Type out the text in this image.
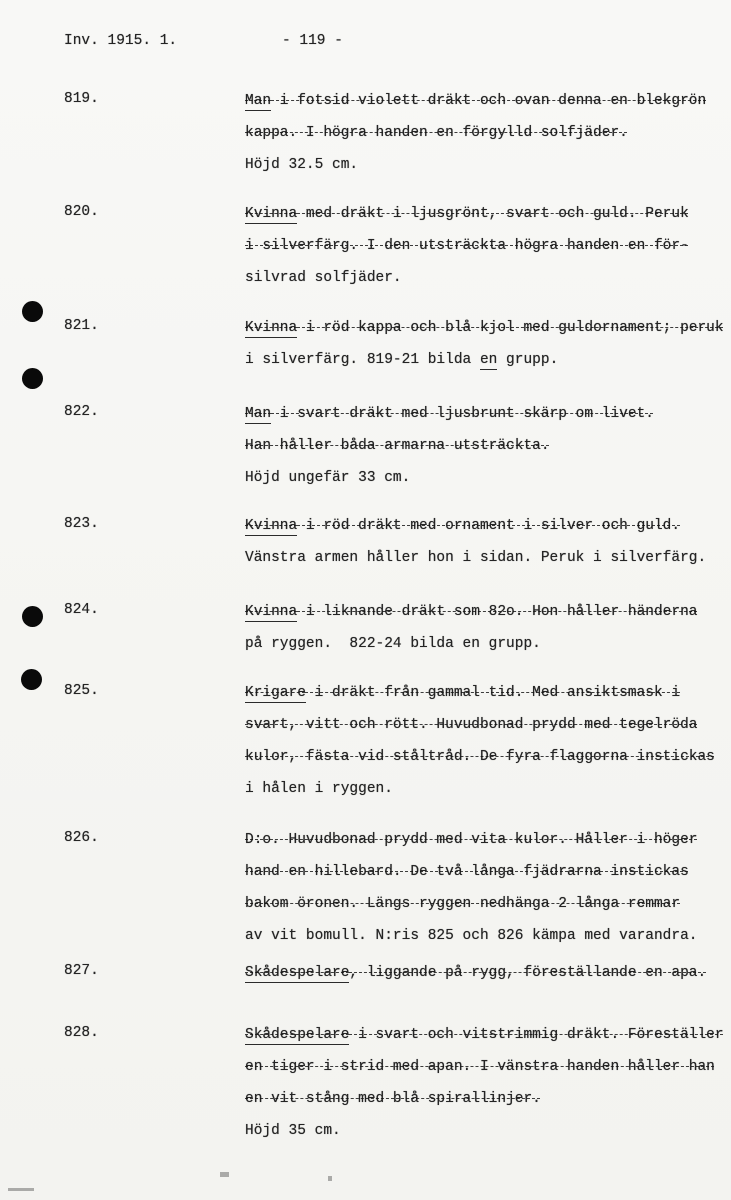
Inv. 1915. 1.	- 119 -
819.	Man i fotsid violett dräkt och ovan denna en blekgrön
kappa. I högra handen en förgylld solfjäder.
Höjd 32.5 cm.
820.	Kvinna med dräkt i ljusgrönt, svart och guld. Peruk
i silverfärg. I den utsträckta högra handen en för-
silvrad solfjäder.
821.	Kvinna i röd kappa och blå kjol med guldornament; peruk
i silverfärg. 819-21 bilda en grupp.
822.	Man i svart dräkt med ljusbrunt skärp om livet.
Han håller båda armarna utsträckta.
Höjd ungefär 33 cm.
823.	Kvinna i röd dräkt med ornament i silver och guld.
Vänstra armen håller hon i sidan. Peruk i silverfärg.
824.	Kvinna i liknande dräkt som 82o. Hon håller händerna
på ryggen.  822-24 bilda en grupp.
825.	Krigare i dräkt från gammal tid. Med ansiktsmask i
svart, vitt och rött. Huvudbonad prydd med tegelröda
kulor, fästa vid ståltråd. De fyra flaggorna instickas
i hålen i ryggen.
826.	D:o. Huvudbonad prydd med vita kulor. Håller i höger
hand en hillebard. De två långa fjädrarna instickas
bakom öronen. Längs ryggen nedhänga 2 långa remmar
av vit bomull. N:ris 825 och 826 kämpa med varandra.
827.	Skådespelare, liggande på rygg, föreställande en apa.
828.	Skådespelare i svart och vitstrimmig dräkt. Föreställer
en tiger i strid med apan. I vänstra handen håller han
en vit stång med blå spirallinjer.
Höjd 35 cm.
